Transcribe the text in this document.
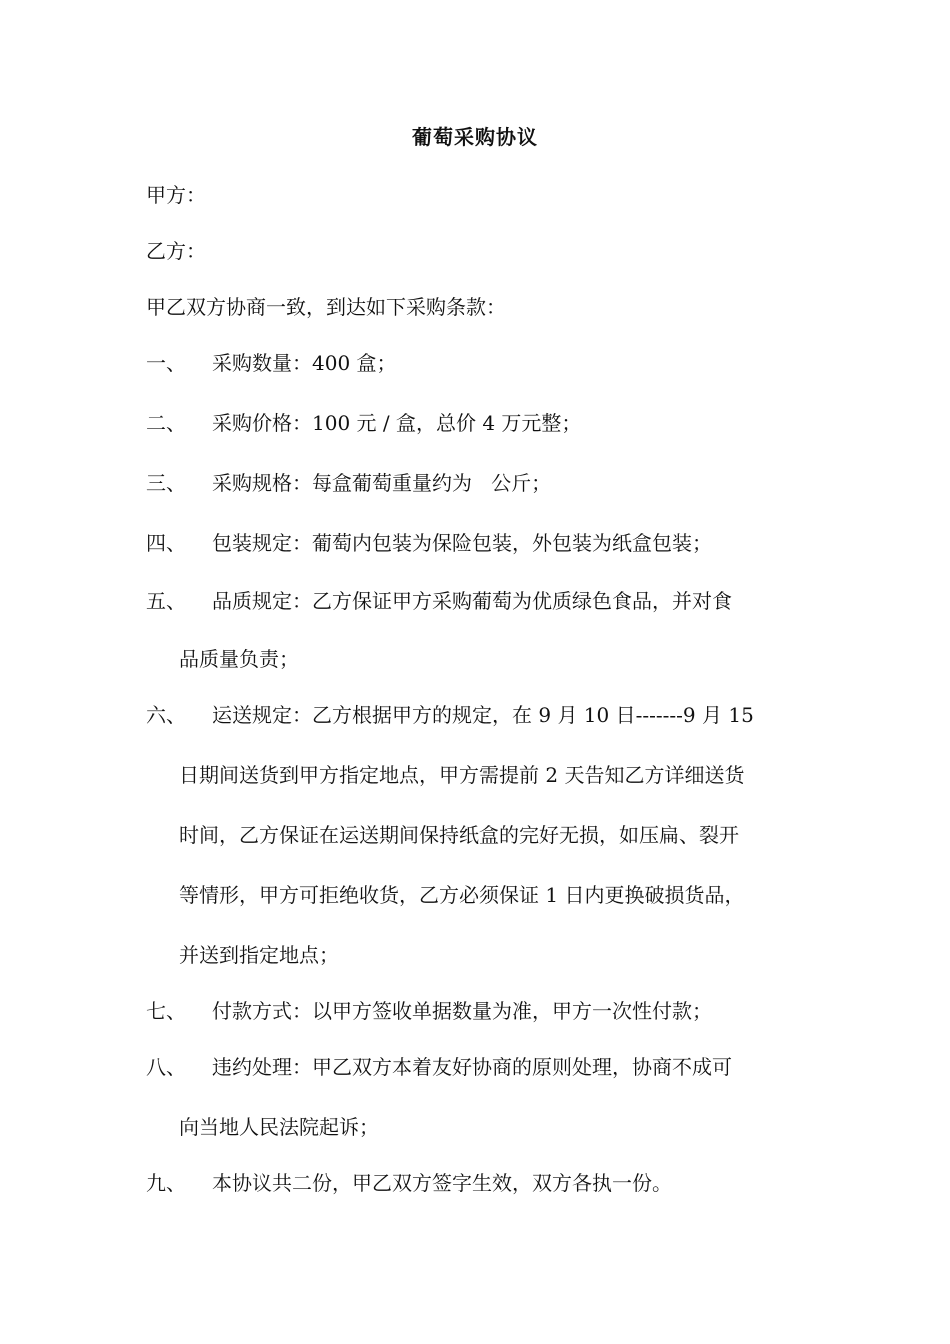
葡萄采购协议
甲方：
乙方：
甲乙双方协商一致，到达如下采购条款：
一、 采购数量：400 盒；
二、 采购价格：100 元 / 盒，总价 4 万元整；
三、 采购规格：每盒葡萄重量约为   公斤；
四、 包装规定：葡萄内包装为保险包装，外包装为纸盒包装；
五、 品质规定：乙方保证甲方采购葡萄为优质绿色食品，并对食
品质量负责；
六、 运送规定：乙方根据甲方的规定，在 9 月 10 日-------9 月 15
日期间送货到甲方指定地点，甲方需提前 2 天告知乙方详细送货
时间，乙方保证在运送期间保持纸盒的完好无损，如压扁、裂开
等情形，甲方可拒绝收货，乙方必须保证 1 日内更换破损货品，
并送到指定地点；
七、 付款方式：以甲方签收单据数量为准，甲方一次性付款；
八、 违约处理：甲乙双方本着友好协商的原则处理，协商不成可
向当地人民法院起诉；
九、 本协议共二份，甲乙双方签字生效，双方各执一份。
